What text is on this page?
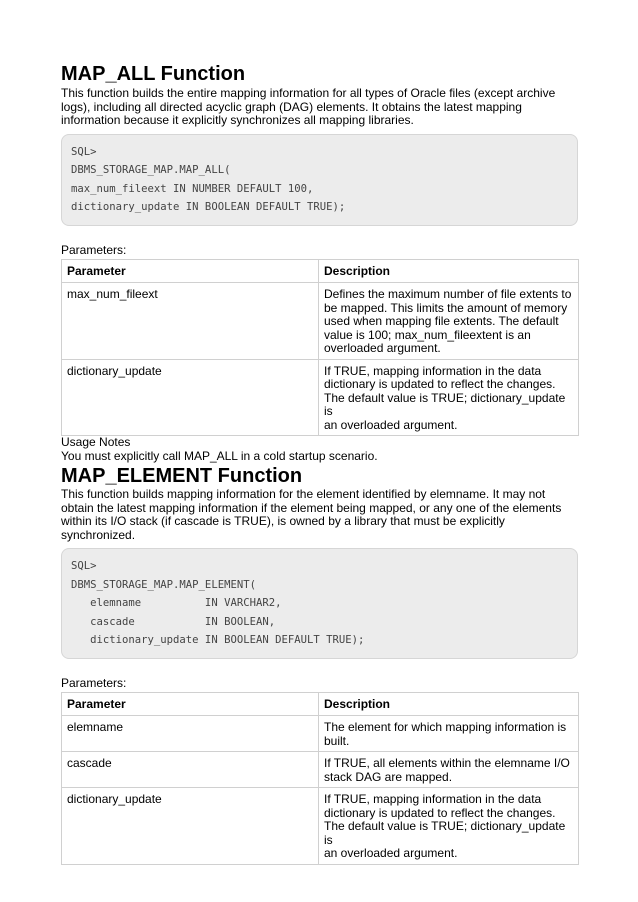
MAP_ALL Function
This function builds the entire mapping information for all types of Oracle files (except archive
logs), including all directed acyclic graph (DAG) elements. It obtains the latest mapping
information because it explicitly synchronizes all mapping libraries.
SQL>
DBMS_STORAGE_MAP.MAP_ALL(
max_num_fileext IN NUMBER DEFAULT 100,
dictionary_update IN BOOLEAN DEFAULT TRUE);
Parameters:
Parameter	Description
max_num_fileext	Defines the maximum number of file extents to
be mapped. This limits the amount of memory
used when mapping file extents. The default
value is 100; max_num_fileextent is an
overloaded argument.

dictionary_update	If TRUE, mapping information in the data
dictionary is updated to reflect the changes.
The default value is TRUE; dictionary_update is
an overloaded argument.
Usage Notes
You must explicitly call MAP_ALL in a cold startup scenario.
MAP_ELEMENT Function
This function builds mapping information for the element identified by elemname. It may not
obtain the latest mapping information if the element being mapped, or any one of the elements
within its I/O stack (if cascade is TRUE), is owned by a library that must be explicitly
synchronized.
SQL>
DBMS_STORAGE_MAP.MAP_ELEMENT(
elemname          IN VARCHAR2,
cascade           IN BOOLEAN,
dictionary_update IN BOOLEAN DEFAULT TRUE);
Parameters:
Parameter	Description
elemname	The element for which mapping information is
built.

cascade	If TRUE, all elements within the elemname I/O
stack DAG are mapped.

dictionary_update	If TRUE, mapping information in the data
dictionary is updated to reflect the changes.
The default value is TRUE; dictionary_update is
an overloaded argument.
